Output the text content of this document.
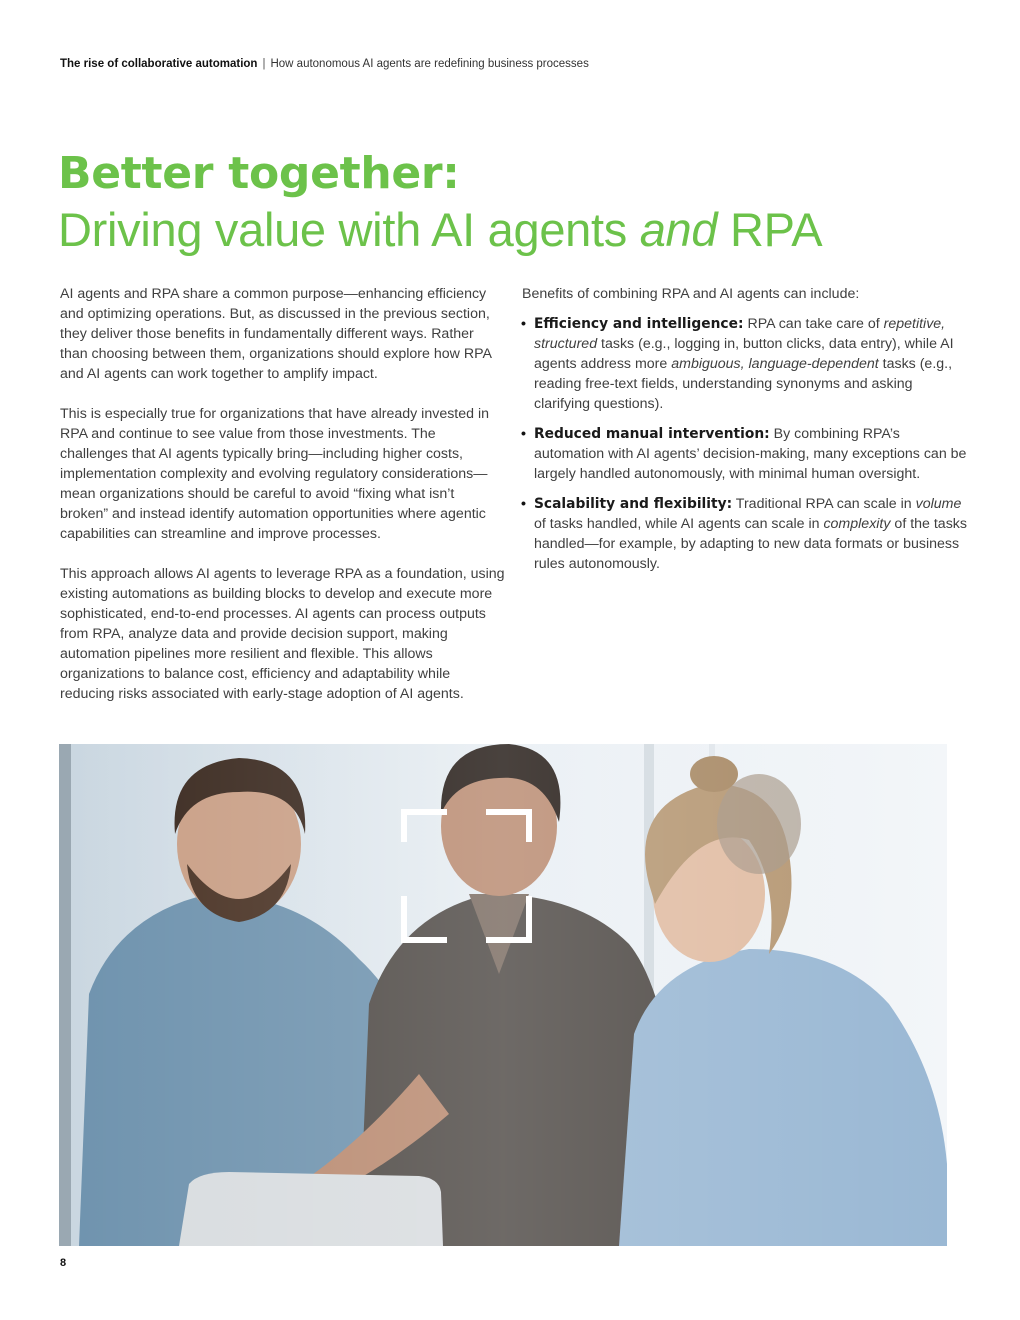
The rise of collaborative automation | How autonomous AI agents are redefining business processes
Better together:
Driving value with AI agents and RPA

AI agents and RPA share a common purpose—enhancing efficiency and optimizing operations. But, as discussed in the previous section, they deliver those benefits in fundamentally different ways. Rather than choosing between them, organizations should explore how RPA and AI agents can work together to amplify impact.

This is especially true for organizations that have already invested in RPA and continue to see value from those investments. The challenges that AI agents typically bring—including higher costs, implementation complexity and evolving regulatory considerations—mean organizations should be careful to avoid “fixing what isn’t broken” and instead identify automation opportunities where agentic capabilities can streamline and improve processes.

This approach allows AI agents to leverage RPA as a foundation, using existing automations as building blocks to develop and execute more sophisticated, end-to-end processes. AI agents can process outputs from RPA, analyze data and provide decision support, making automation pipelines more resilient and flexible. This allows organizations to balance cost, efficiency and adaptability while reducing risks associated with early-stage adoption of AI agents.

Benefits of combining RPA and AI agents can include:
• Efficiency and intelligence: RPA can take care of repetitive, structured tasks (e.g., logging in, button clicks, data entry), while AI agents address more ambiguous, language-dependent tasks (e.g., reading free-text fields, understanding synonyms and asking clarifying questions).
• Reduced manual intervention: By combining RPA’s automation with AI agents’ decision-making, many exceptions can be largely handled autonomously, with minimal human oversight.
• Scalability and flexibility: Traditional RPA can scale in volume of tasks handled, while AI agents can scale in complexity of the tasks handled—for example, by adapting to new data formats or business rules autonomously.
8
